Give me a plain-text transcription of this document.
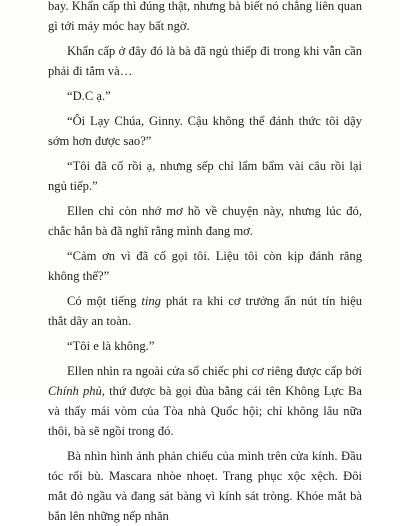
bay. Khẩn cấp thì đúng thật, nhưng bà biết nó chẳng liên quan gì tới máy móc hay bất ngờ.

Khẩn cấp ở đây đó là bà đã ngủ thiếp đi trong khi vẫn cần phải đi tắm và…

“D.C ạ.”

“Ôi Lạy Chúa, Ginny. Cậu không thể đánh thức tôi dậy sớm hơn được sao?”

“Tôi đã cố rồi ạ, nhưng sếp chỉ lẩm bẩm vài câu rồi lại ngủ tiếp.”

Ellen chỉ còn nhớ mơ hồ về chuyện này, nhưng lúc đó, chắc hẳn bà đã nghĩ rằng mình đang mơ.

“Cảm ơn vì đã cố gọi tôi. Liệu tôi còn kịp đánh răng không thế?”

Có một tiếng ting phát ra khi cơ trưởng ấn nút tín hiệu thắt dây an toàn.

“Tôi e là không.”

Ellen nhìn ra ngoài cửa sổ chiếc phi cơ riêng được cấp bởi Chính phủ, thứ được bà gọi đùa bằng cái tên Không Lực Ba và thấy mái vòm của Tòa nhà Quốc hội; chỉ không lâu nữa thôi, bà sẽ ngồi trong đó.

Bà nhìn hình ảnh phản chiếu của mình trên cửa kính. Đầu tóc rối bù. Mascara nhòe nhoẹt. Trang phục xộc xệch. Đôi mắt đỏ ngầu và đang sát bàng vì kính sát tròng. Khóe mắt bà bắn lên những nếp nhăn
